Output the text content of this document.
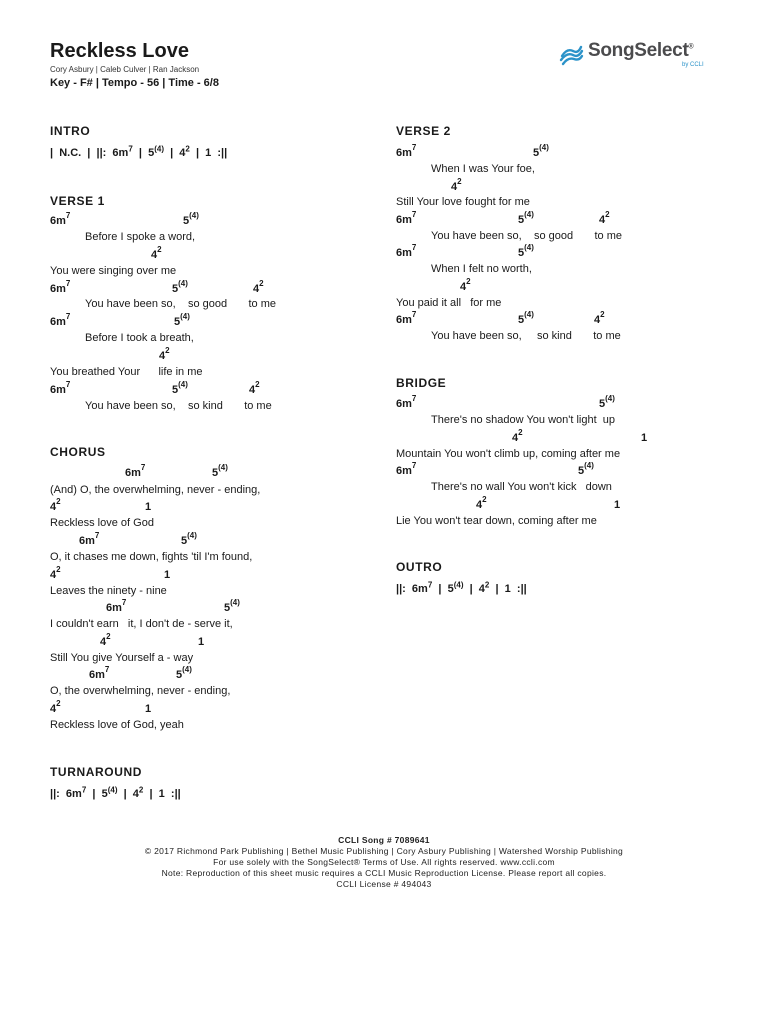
Reckless Love
Cory Asbury | Caleb Culver | Ran Jackson
Key - F# | Tempo - 56 | Time - 6/8
SongSelect®
by CCLI
INTRO
|  N.C.  |  ||:  $6m^7$  |  5$^{(4)}$  |  $4^2$  |  1  :||
VERSE 1
$6m^7$	5$^{(4)}$
Before I spoke a word,
$4^2$
You were singing over me
$6m^7$	5$^{(4)}$	$4^2$
You have been so,    so good       to me
$6m^7$	5$^{(4)}$
Before I took a breath,
$4^2$
You breathed Your      life in me
$6m^7$	5$^{(4)}$	$4^2$
You have been so,    so kind       to me
CHORUS
$6m^7$	5$^{(4)}$
(And) O, the overwhelming, never - ending,
$4^2$	1
Reckless love of God
$6m^7$	5$^{(4)}$
O, it chases me down, fights 'til I'm found,
$4^2$	1
Leaves the ninety - nine
$6m^7$	5$^{(4)}$
I couldn't earn   it, I don't de - serve it,
$4^2$	1
Still You give Yourself a - way
$6m^7$	5$^{(4)}$
O, the overwhelming, never - ending,
$4^2$	1
Reckless love of God, yeah
TURNAROUND
||:  $6m^7$  |  5$^{(4)}$  |  $4^2$  |  1  :||
VERSE 2
$6m^7$	5$^{(4)}$
When I was Your foe,
$4^2$
Still Your love fought for me
$6m^7$	5$^{(4)}$	$4^2$
You have been so,    so good       to me
$6m^7$	5$^{(4)}$
When I felt no worth,
$4^2$
You paid it all   for me
$6m^7$	5$^{(4)}$	$4^2$
You have been so,     so kind       to me
BRIDGE
$6m^7$	5$^{(4)}$
There's no shadow You won't light  up
$4^2$	1
Mountain You won't climb up, coming after me
$6m^7$	5$^{(4)}$
There's no wall You won't kick   down
$4^2$	1
Lie You won't tear down, coming after me
OUTRO
||:  $6m^7$  |  5$^{(4)}$  |  $4^2$  |  1  :||
CCLI Song # 7089641
© 2017 Richmond Park Publishing | Bethel Music Publishing | Cory Asbury Publishing | Watershed Worship Publishing
For use solely with the SongSelect® Terms of Use. All rights reserved. www.ccli.com
Note: Reproduction of this sheet music requires a CCLI Music Reproduction License. Please report all copies.
CCLI License # 494043
